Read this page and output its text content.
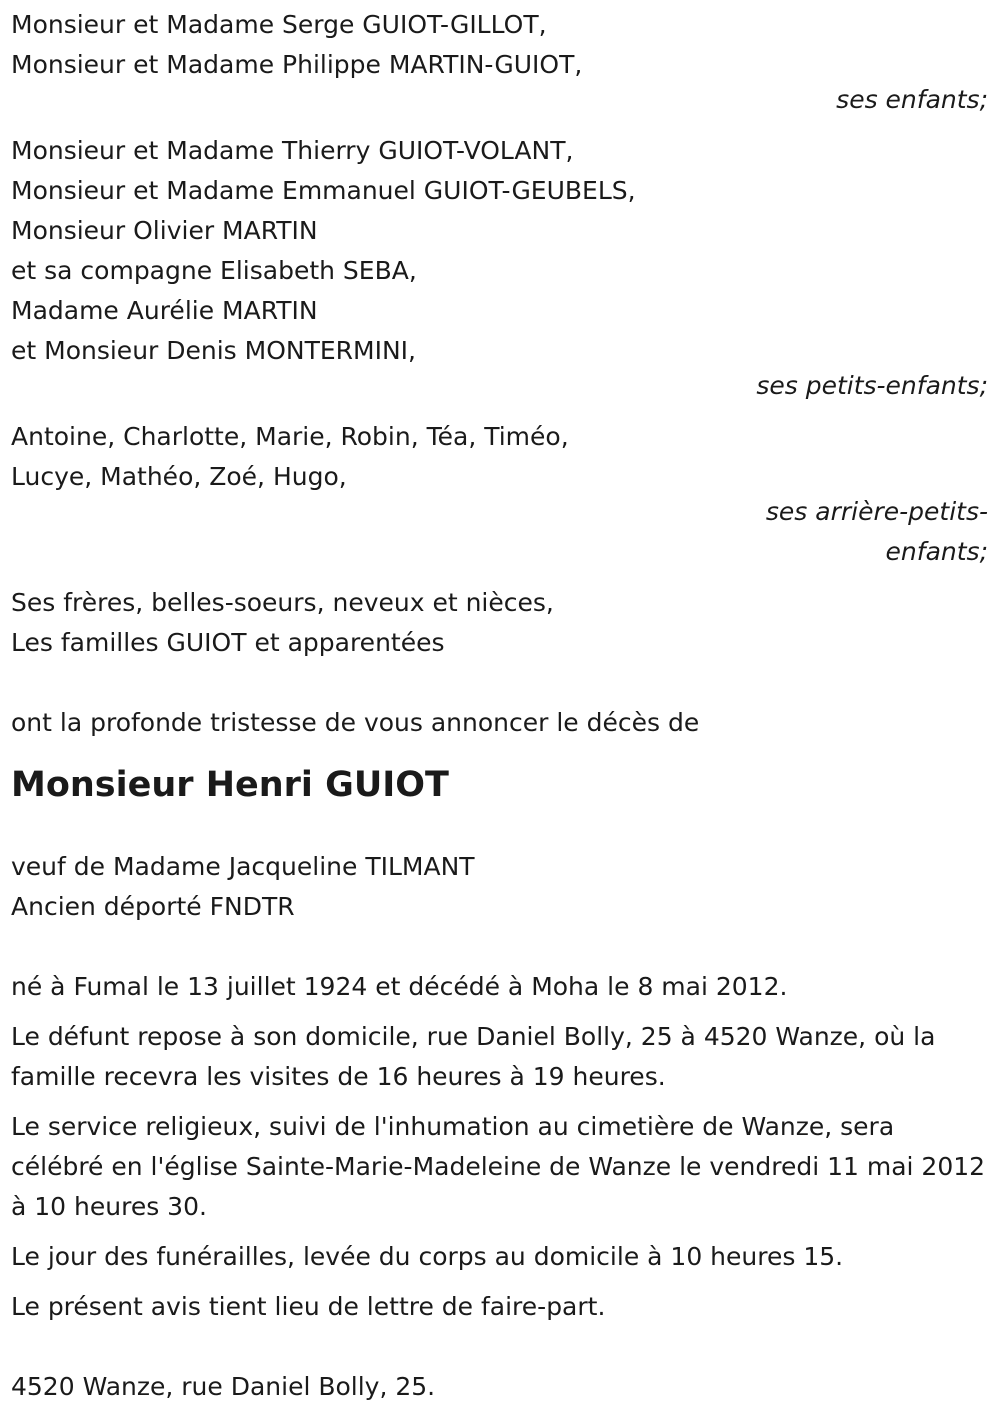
Monsieur et Madame Serge GUIOT-GILLOT,
Monsieur et Madame Philippe MARTIN-GUIOT,
ses enfants;
Monsieur et Madame Thierry GUIOT-VOLANT,
Monsieur et Madame Emmanuel GUIOT-GEUBELS,
Monsieur Olivier MARTIN
et sa compagne Elisabeth SEBA,
Madame Aurélie MARTIN
et Monsieur Denis MONTERMINI,
ses petits-enfants;
Antoine, Charlotte, Marie, Robin, Téa, Timéo,
Lucye, Mathéo, Zoé, Hugo,
ses arrière-petits-
enfants;
Ses frères, belles-soeurs, neveux et nièces,
Les familles GUIOT et apparentées
ont la profonde tristesse de vous annoncer le décès de
Monsieur Henri GUIOT
veuf de Madame Jacqueline TILMANT
Ancien déporté FNDTR
né à Fumal le 13 juillet 1924 et décédé à Moha le 8 mai 2012.
Le défunt repose à son domicile, rue Daniel Bolly, 25 à 4520 Wanze, où la famille recevra les visites de 16 heures à 19 heures.
Le service religieux, suivi de l'inhumation au cimetière de Wanze, sera célébré en l'église Sainte-Marie-Madeleine de Wanze le vendredi 11 mai 2012 à 10 heures 30.
Le jour des funérailles, levée du corps au domicile à 10 heures 15.
Le présent avis tient lieu de lettre de faire-part.
4520 Wanze, rue Daniel Bolly, 25.
